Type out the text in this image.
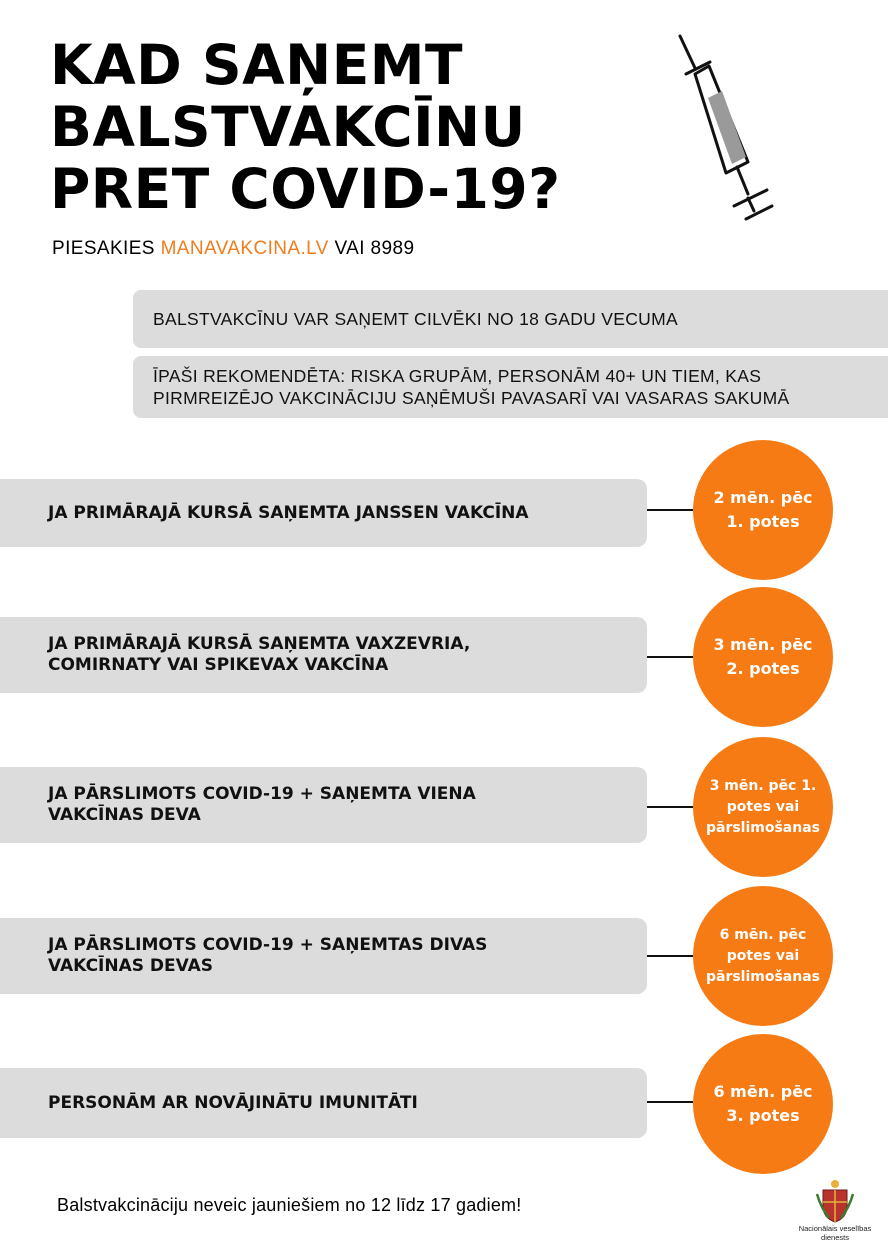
KAD SAŅEMT
BALSTVAKCĪNU
PRET COVID-19?
PIESAKIES MANAVAKCINA.LV VAI 8989
BALSTVAKCĪNU VAR SAŅEMT CILVĒKI NO 18 GADU VECUMA
ĪPAŠI REKOMENDĒTA: RISKA GRUPĀM, PERSONĀM 40+ UN TIEM, KAS
PIRMREIZĒJO VAKCINĀCIJU SAŅĒMUŠI PAVASARĪ VAI VASARAS SAKUMĀ
JA PRIMĀRAJĀ KURSĀ SAŅEMTA JANSSEN VAKCĪNA
2 mēn. pēc
1. potes
JA PRIMĀRAJĀ KURSĀ SAŅEMTA VAXZEVRIA,
COMIRNATY VAI SPIKEVAX VAKCĪNA
3 mēn. pēc
2. potes
JA PĀRSLIMOTS COVID-19 + SAŅEMTA VIENA
VAKCĪNAS DEVA
3 mēn. pēc 1.
potes vai
pārslimošanas
JA PĀRSLIMOTS COVID-19 + SAŅEMTAS DIVAS
VAKCĪNAS DEVAS
6 mēn. pēc
potes vai
pārslimošanas
PERSONĀM AR NOVĀJINĀTU IMUNITĀTI
6 mēn. pēc
3. potes
Balstvakcināciju neveic jauniešiem no 12 līdz 17 gadiem!
Nacionālais veselības
dienests
